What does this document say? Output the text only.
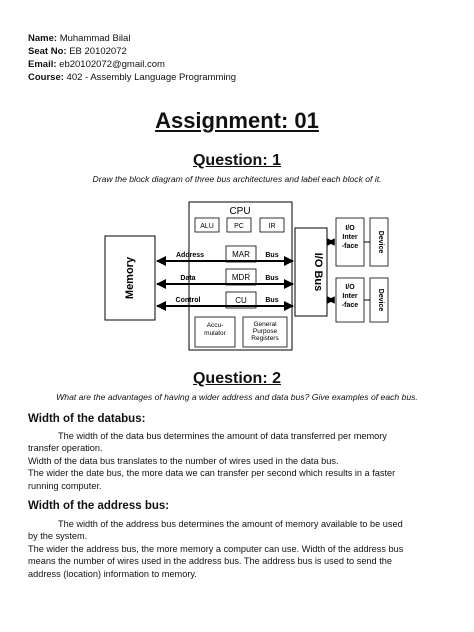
Name: Muhammad Bilal
Seat No: EB 20102072
Email: eb20102072@gmail.com
Course: 402 - Assembly Language Programming
Assignment: 01
Question: 1
Draw the block diagram of three bus architectures and label each block of it.
CPU
ALU	PC	IR
MAR
MDR
CU
Accu-
mulator
General
Purpose
Registers
Memory	I/O Bus
I/O
Inter
-face	Device
I/O
Inter
-face	Device
Address	Bus
Data	Bus
Control	Bus
Question: 2
What are the advantages of having a wider address and data bus? Give examples of each bus.
Width of the databus:

The width of the data bus determines the amount of data transferred per memory

transfer operation.

Width of the data bus translates to the number of wires used in the data bus.

The wider the date bus, the more data we can transfer per second which results in a faster

running computer.

Width of the address bus:

The width of the address bus determines the amount of memory available to be used

by the system.

The wider the address bus, the more memory a computer can use. Width of the address bus

means the number of wires used in the address bus. The address bus is used to send the

address (location) information to memory.
